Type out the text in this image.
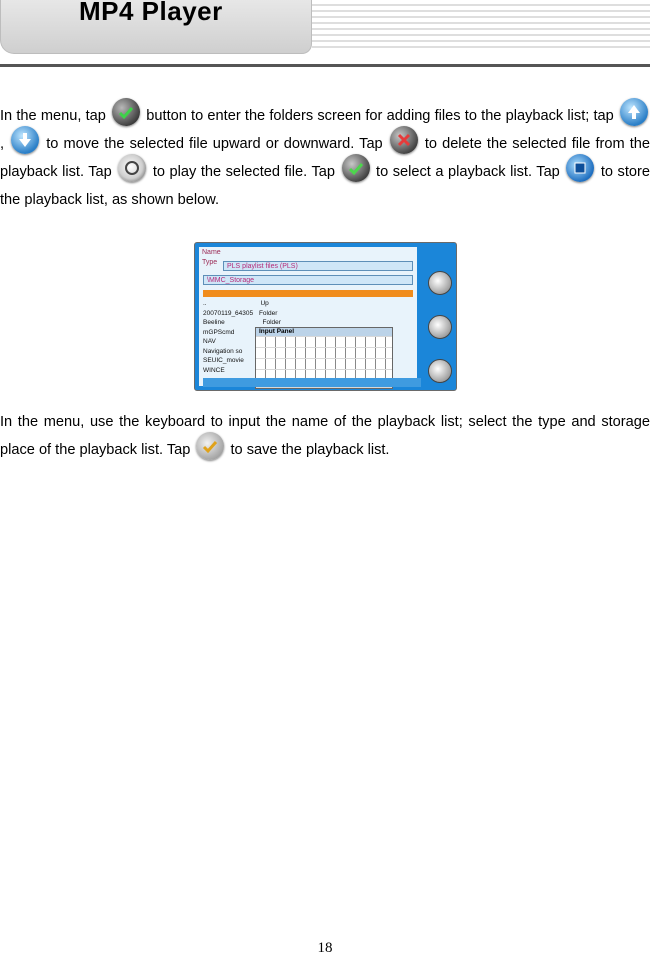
MP4 Player
In the menu, tap
button to enter the folders screen for adding files to the playback list; tap
,
to move the selected file upward or downward. Tap
to delete the selected file from the playback list. Tap
to play the selected file. Tap
to select a playback list. Tap
to store the playback list, as shown below.
Name
Type
PLS playlist files (PLS)
\MMC_Storage
..	Up
20070119_64305 Folder
Beeline	Folder
mGPScmd
NAV
Navigation so
SEUIC_movie
WINCE
Input Panel
In the menu, use the keyboard to input the name of the playback list; select the type and storage place of the playback list. Tap
to save the playback list.
18
